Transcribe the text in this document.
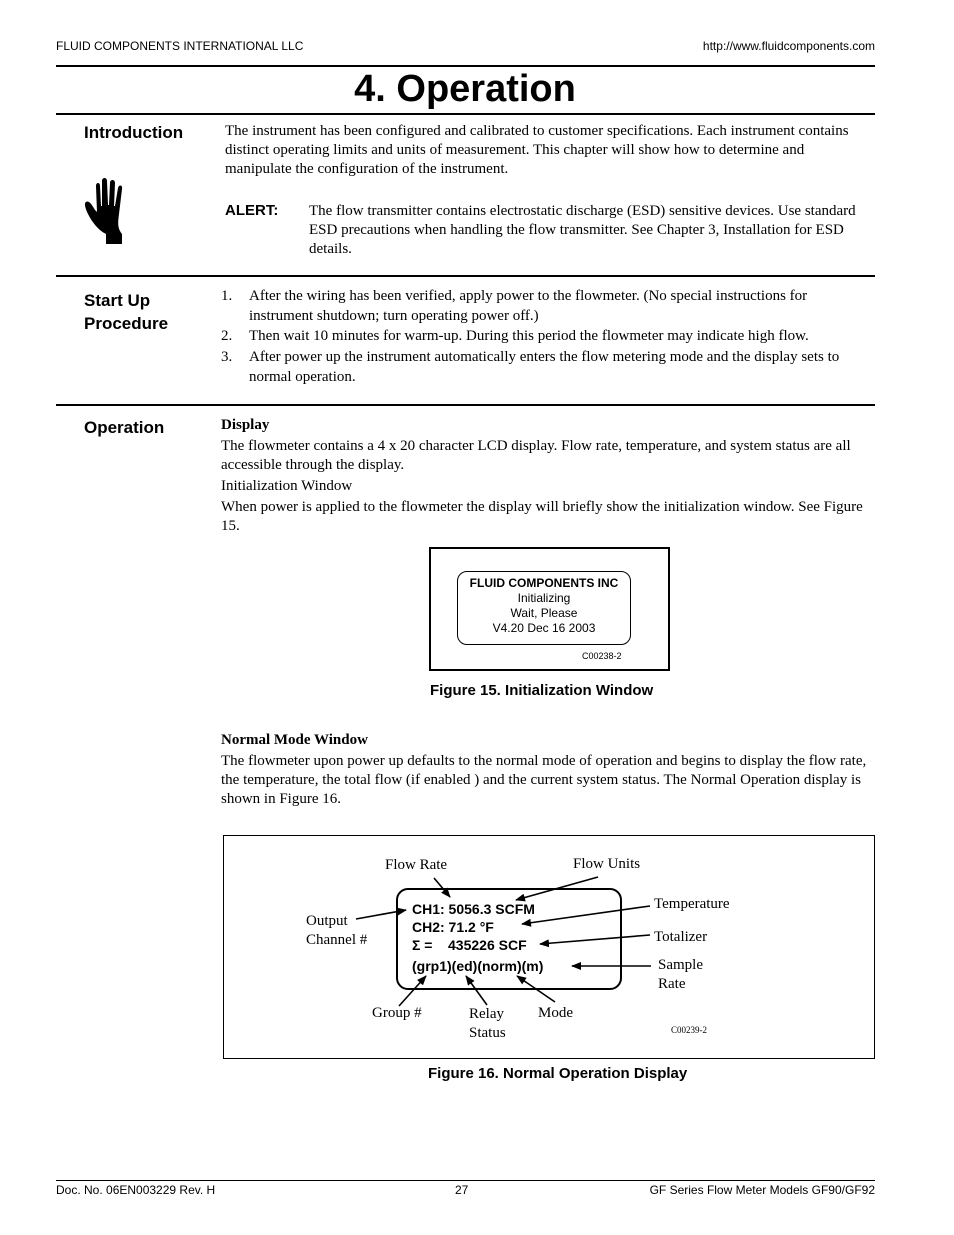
FLUID COMPONENTS INTERNATIONAL LLC	http://www.fluidcomponents.com
4. Operation
Introduction	The instrument has been configured and calibrated to customer specifications. Each instrument contains distinct operating limits and units of measurement. This chapter will show how to determine and manipulate the configuration of the instrument.
ALERT: The flow transmitter contains electrostatic discharge (ESD) sensitive devices. Use standard ESD precautions when handling the flow transmitter. See Chapter 3, Installation for ESD details.
Start Up
Procedure
1. After the wiring has been verified, apply power to the flowmeter. (No special instructions for instrument shutdown; turn operating power off.)
2. Then wait 10 minutes for warm-up. During this period the flowmeter may indicate high flow.
3. After power up the instrument automatically enters the flow metering mode and the display sets to normal operation.
Operation	Display
The flowmeter contains a 4 x 20 character LCD display. Flow rate, temperature, and system status are all accessible through the display.
Initialization Window
When power is applied to the flowmeter the display will briefly show the initialization window. See Figure 15.
FLUID COMPONENTS INC
Initializing
Wait, Please
V4.20 Dec 16 2003
C00238-2
Figure 15. Initialization Window
Normal Mode Window
The flowmeter upon power up defaults to the normal mode of operation and begins to display the flow rate, the temperature, the total flow (if enabled ) and the current system status. The Normal Operation display is shown in Figure 16.
CH1: 5056.3 SCFM
CH2: 71.2 °F
Σ =    435226 SCF
(grp1)(ed)(norm)(m)
Flow Rate	Flow Units
Output
Channel #
Temperature
Totalizer
Sample
Rate
Group #	Relay
Status
Mode
C00239-2
Figure 16. Normal Operation Display
Doc. No. 06EN003229 Rev. H	27	GF Series Flow Meter Models GF90/GF92
